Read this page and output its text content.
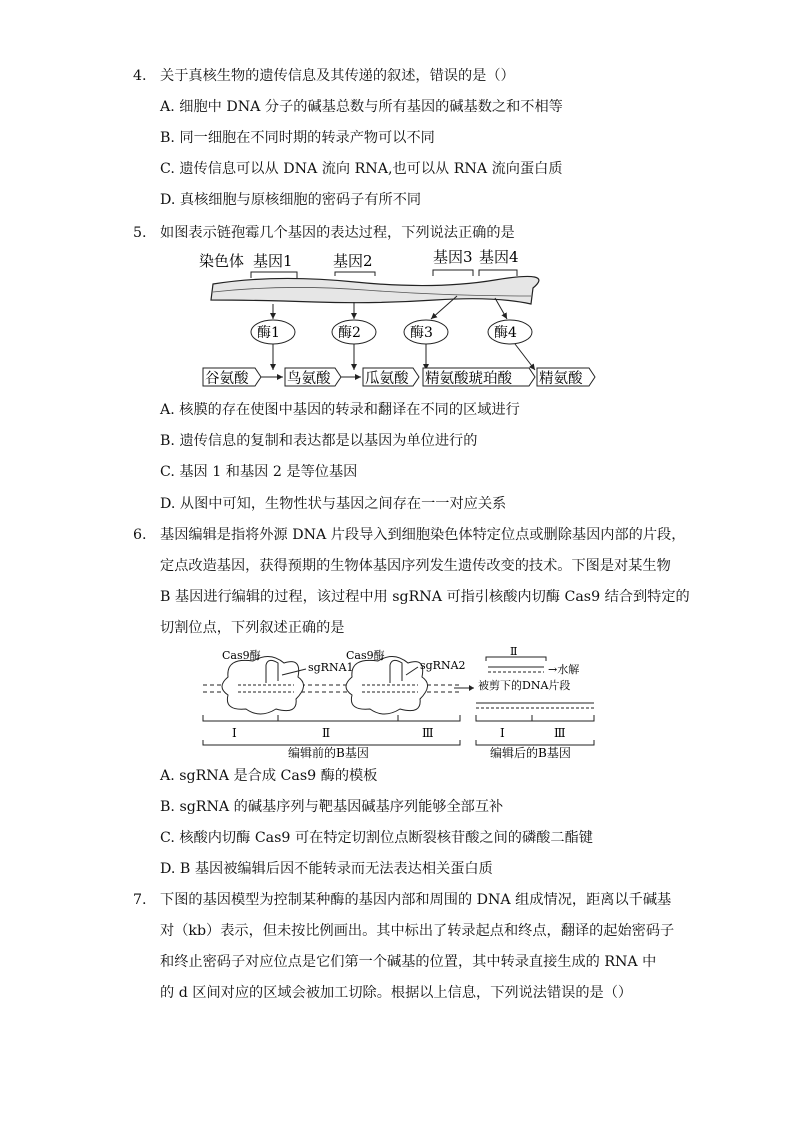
4. 关于真核生物的遗传信息及其传递的叙述，错误的是（）
A. 细胞中 DNA 分子的碱基总数与所有基因的碱基数之和不相等
B. 同一细胞在不同时期的转录产物可以不同
C. 遗传信息可以从 DNA 流向 RNA,也可以从 RNA 流向蛋白质
D. 真核细胞与原核细胞的密码子有所不同
5. 如图表示链孢霉几个基因的表达过程，下列说法正确的是
染色体 基因1	基因2	基因3 基因4
酶1	酶2	酶3	酶4
谷氨酸	鸟氨酸 瓜氨酸 精氨酸琥珀酸 精氨酸
A. 核膜的存在使图中基因的转录和翻译在不同的区域进行
B. 遗传信息的复制和表达都是以基因为单位进行的
C. 基因 1 和基因 2 是等位基因
D. 从图中可知，生物性状与基因之间存在一一对应关系
6. 基因编辑是指将外源 DNA 片段导入到细胞染色体特定位点或删除基因内部的片段，
定点改造基因，获得预期的生物体基因序列发生遗传改变的技术。下图是对某生物
B 基因进行编辑的过程，该过程中用 sgRNA 可指引核酸内切酶 Cas9 结合到特定的
切割位点，下列叙述正确的是
Cas9酶
sgRNA1
Cas9酶
sgRNA2
Ⅰ	Ⅱ	Ⅲ
编辑前的B基因
Ⅱ
→水解
被剪下的DNA片段
Ⅰ	Ⅲ
编辑后的B基因
A. sgRNA 是合成 Cas9 酶的模板
B. sgRNA 的碱基序列与靶基因碱基序列能够全部互补
C. 核酸内切酶 Cas9 可在特定切割位点断裂核苷酸之间的磷酸二酯键
D. B 基因被编辑后因不能转录而无法表达相关蛋白质
7. 下图的基因模型为控制某种酶的基因内部和周围的 DNA 组成情况，距离以千碱基
对（kb）表示，但未按比例画出。其中标出了转录起点和终点，翻译的起始密码子
和终止密码子对应位点是它们第一个碱基的位置，其中转录直接生成的 RNA 中
的 d 区间对应的区域会被加工切除。根据以上信息，下列说法错误的是（）
